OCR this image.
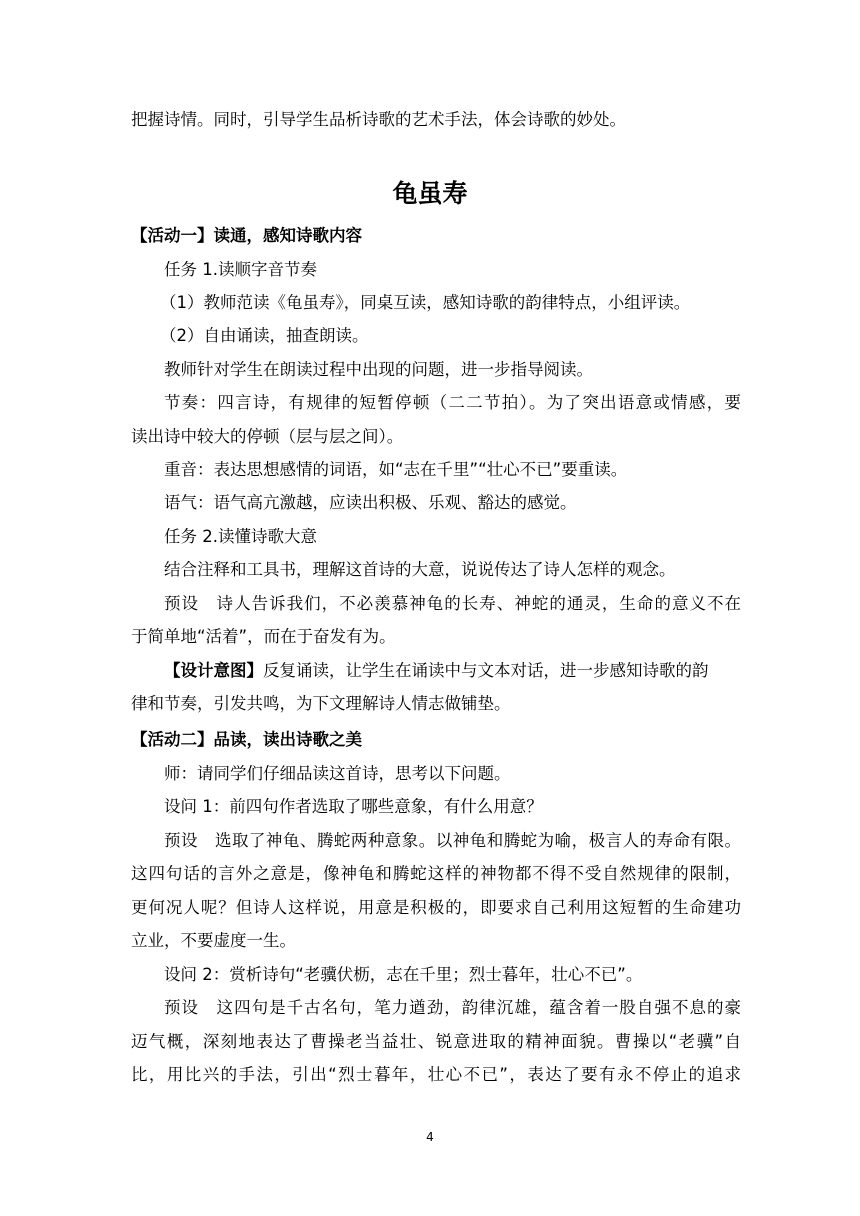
把握诗情。同时，引导学生品析诗歌的艺术手法，体会诗歌的妙处。
龟虽寿
【活动一】读通，感知诗歌内容
任务 1.读顺字音节奏
（1）教师范读《龟虽寿》，同桌互读，感知诗歌的韵律特点，小组评读。
（2）自由诵读，抽查朗读。
教师针对学生在朗读过程中出现的问题，进一步指导阅读。
节奏：四言诗，有规律的短暂停顿（二二节拍）。为了突出语意或情感，要
读出诗中较大的停顿（层与层之间）。
重音：表达思想感情的词语，如“志在千里”“壮心不已”要重读。
语气：语气高亢激越，应读出积极、乐观、豁达的感觉。
任务 2.读懂诗歌大意
结合注释和工具书，理解这首诗的大意，说说传达了诗人怎样的观念。
预设　诗人告诉我们，不必羡慕神龟的长寿、神蛇的通灵，生命的意义不在
于简单地“活着”，而在于奋发有为。
【设计意图】反复诵读，让学生在诵读中与文本对话，进一步感知诗歌的韵
律和节奏，引发共鸣，为下文理解诗人情志做铺垫。
【活动二】品读，读出诗歌之美
师：请同学们仔细品读这首诗，思考以下问题。
设问 1：前四句作者选取了哪些意象，有什么用意？
预设　选取了神龟、腾蛇两种意象。以神龟和腾蛇为喻，极言人的寿命有限。
这四句话的言外之意是，像神龟和腾蛇这样的神物都不得不受自然规律的限制，
更何况人呢？但诗人这样说，用意是积极的，即要求自己利用这短暂的生命建功
立业，不要虚度一生。
设问 2：赏析诗句“老骥伏枥，志在千里；烈士暮年，壮心不已”。
预设　这四句是千古名句，笔力遒劲，韵律沉雄，蕴含着一股自强不息的豪
迈气概，深刻地表达了曹操老当益壮、锐意进取的精神面貌。曹操以“老骥”自
比，用比兴的手法，引出“烈士暮年，壮心不已”，表达了要有永不停止的追求
4
